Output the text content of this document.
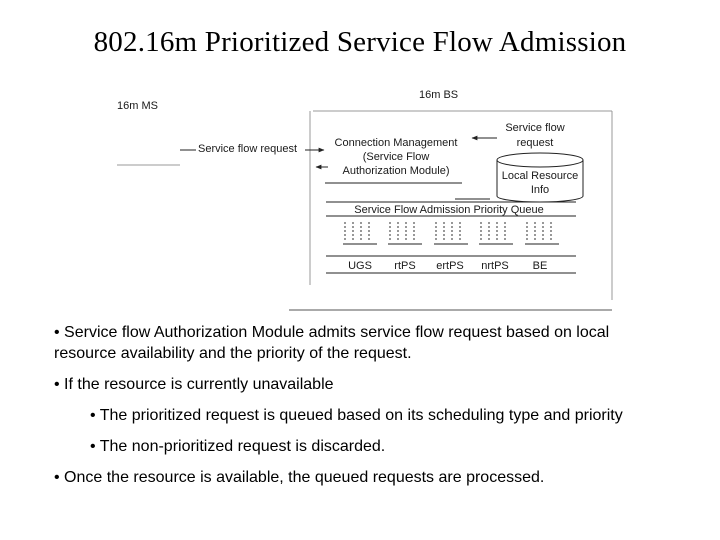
802.16m Prioritized Service Flow Admission
16m MS
16m BS
Service flow request	Connection Management
(Service Flow
Authorization Module)
Service flow
request
Local Resource
Info
Service Flow Admission Priority Queue
UGS rtPS ertPS nrtPS BE

• Service flow Authorization Module admits service flow request based on local resource availability and the priority of the request.

• If the resource is currently unavailable

• The prioritized request is queued based on its scheduling type and priority

• The non-prioritized request is discarded.

• Once the resource is available, the queued requests are processed.
